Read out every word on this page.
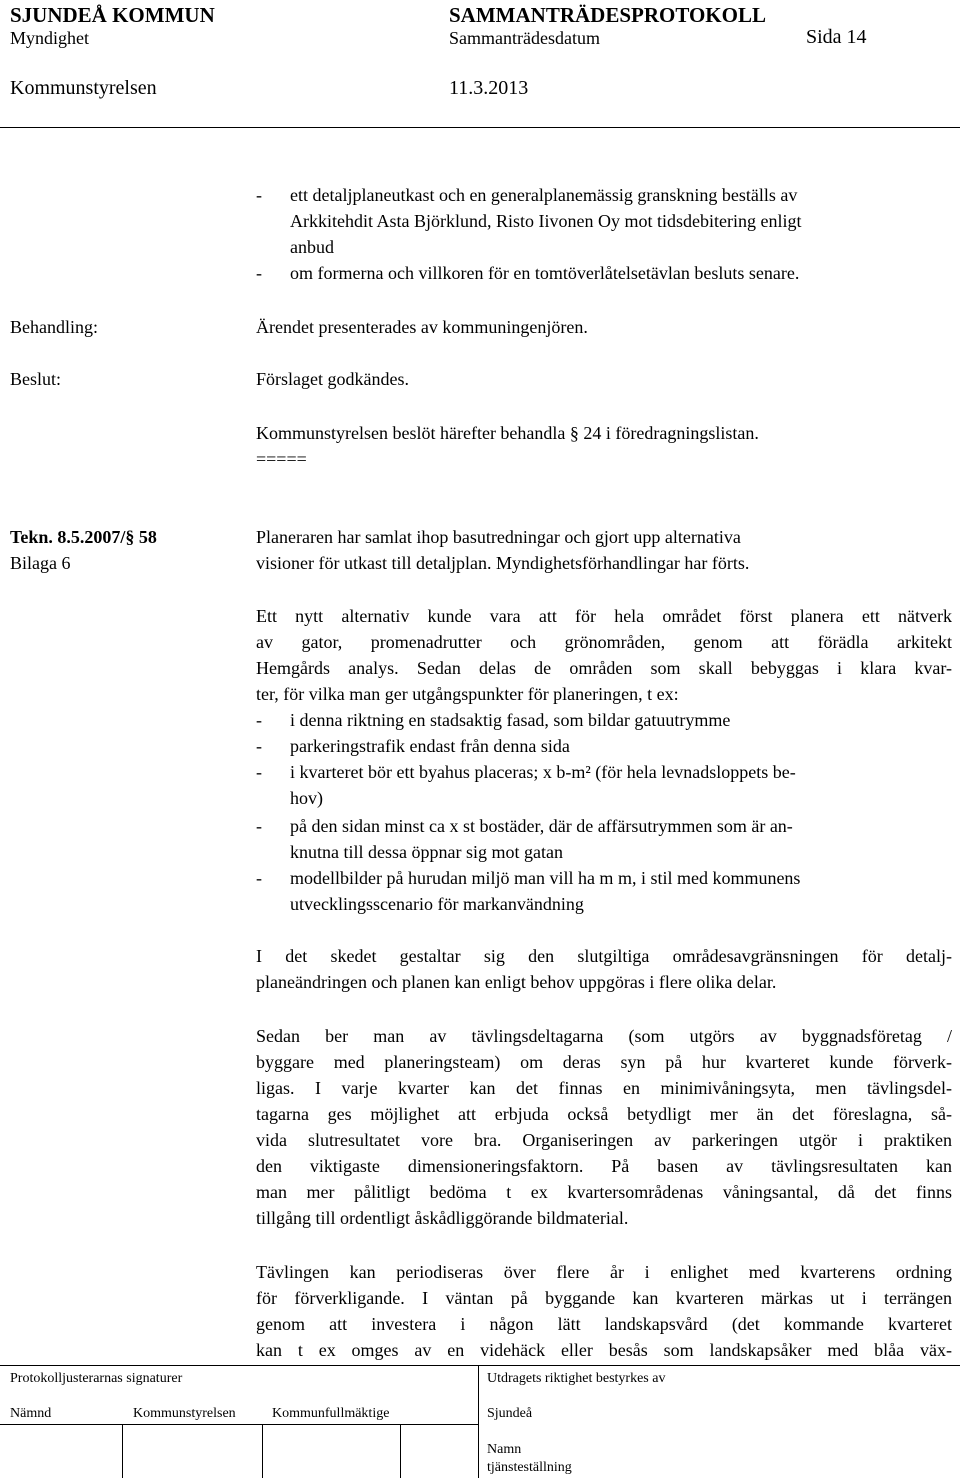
SJUNDEÅ KOMMUN	SAMMANTRÄDESPROTOKOLL
Myndighet	Sammanträdesdatum	Sida 14
Kommunstyrelsen	11.3.2013
- ett detaljplaneutkast och en generalplanemässig granskning beställs av
Arkkitehdit Asta Björklund, Risto Iivonen Oy mot tidsdebitering enligt
anbud
- om formerna och villkoren för en tomtöverlåtelsetävlan besluts senare.
Behandling:	Ärendet presenterades av kommuningenjören.
Beslut:	Förslaget godkändes.
Kommunstyrelsen beslöt härefter behandla § 24 i föredragningslistan.
=====
Tekn. 8.5.2007/§ 58
Bilaga 6
Planeraren har samlat ihop basutredningar och gjort upp alternativa
visioner för utkast till detaljplan. Myndighetsförhandlingar har förts.
Ett nytt alternativ kunde vara att för hela området först planera ett nätverk
av gator, promenadrutter och grönområden, genom att förädla arkitekt
Hemgårds analys. Sedan delas de områden som skall bebyggas i klara kvar-
ter, för vilka man ger utgångspunkter för planeringen, t ex:
- i denna riktning en stadsaktig fasad, som bildar gatuutrymme
- parkeringstrafik endast från denna sida
- i kvarteret bör ett byahus placeras; x b-m² (för hela levnadsloppets be-
hov)
- på den sidan minst ca x st bostäder, där de affärsutrymmen som är an-
knutna till dessa öppnar sig mot gatan
- modellbilder på hurudan miljö man vill ha m m, i stil med kommunens
utvecklingsscenario för markanvändning
I det skedet gestaltar sig den slutgiltiga områdesavgränsningen för detalj-
planeändringen och planen kan enligt behov uppgöras i flere olika delar.
Sedan ber man av tävlingsdeltagarna (som utgörs av byggnadsföretag /
byggare med planeringsteam) om deras syn på hur kvarteret kunde förverk-
ligas. I varje kvarter kan det finnas en minimivåningsyta, men tävlingsdel-
tagarna ges möjlighet att erbjuda också betydligt mer än det föreslagna, så-
vida slutresultatet vore bra. Organiseringen av parkeringen utgör i praktiken
den viktigaste dimensioneringsfaktorn. På basen av tävlingsresultaten kan
man mer pålitligt bedöma t ex kvartersområdenas våningsantal, då det finns
tillgång till ordentligt åskådliggörande bildmaterial.
Tävlingen kan periodiseras över flere år i enlighet med kvarterens ordning
för förverkligande. I väntan på byggande kan kvarteren märkas ut i terrängen
genom att investera i någon lätt landskapsvård (det kommande kvarteret
kan t ex omges av en videhäck eller besås som landskapsåker med blåa väx-
Protokolljusterarnas signaturer	Utdragets riktighet bestyrkes av
Nämnd	Kommunstyrelsen	Kommunfullmäktige	Sjundeå
Namn
tjänsteställning
